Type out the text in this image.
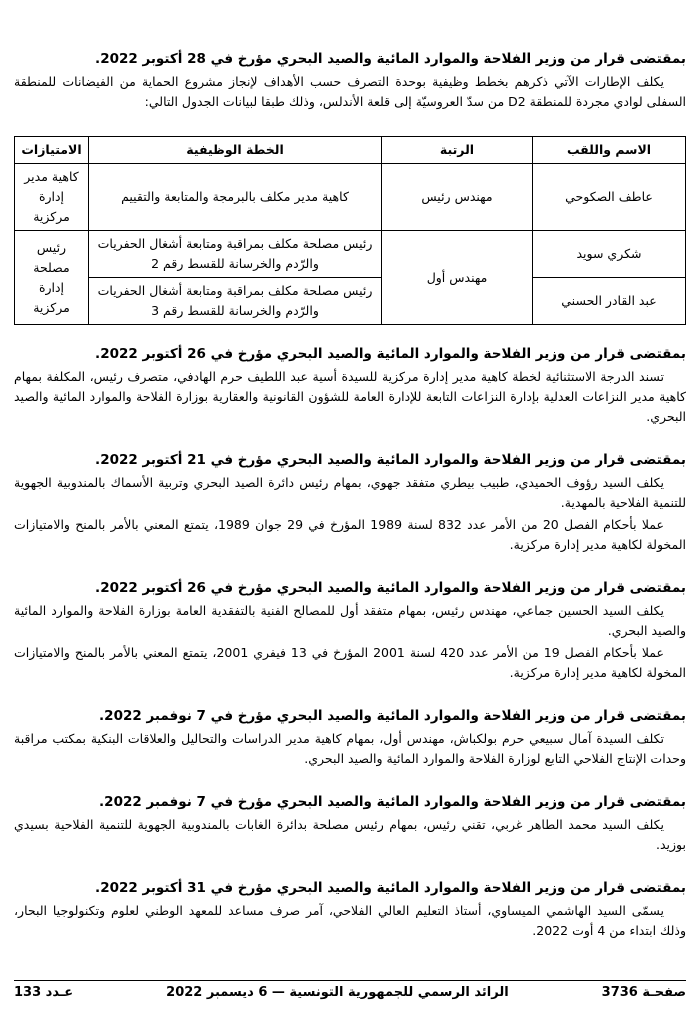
بمقتضى قرار من وزير الفلاحة والموارد المائية والصيد البحري مؤرخ في 28 أكتوبر 2022.
يكلف الإطارات الآتي ذكرهم بخطط وظيفية بوحدة التصرف حسب الأهداف لإنجاز مشروع الحماية من الفيضانات للمنطقة السفلى لوادي مجردة للمنطقة D2 من سدّ العروسيّة إلى قلعة الأندلس، وذلك طبقا لبيانات الجدول التالي:
الاسم واللقب	الرتبة	الخطة الوظيفية	الامتيازات
عاطف الصكوحي	مهندس رئيس	كاهية مدير مكلف بالبرمجة والمتابعة والتقييم	كاهية مدير إدارة مركزية
شكري سويد	مهندس أول	رئيس مصلحة مكلف بمراقبة ومتابعة أشغال الحفريات والرّدم والخرسانة للقسط رقم 2	رئيس مصلحة إدارة مركزية
عبد القادر الحسني		رئيس مصلحة مكلف بمراقبة ومتابعة أشغال الحفريات والرّدم والخرسانة للقسط رقم 3	
بمقتضى قرار من وزير الفلاحة والموارد المائية والصيد البحري مؤرخ في 26 أكتوبر 2022.
تسند الدرجة الاستثنائية لخطة كاهية مدير إدارة مركزية للسيدة أسية عبد اللطيف حرم الهادفي، متصرف رئيس، المكلفة بمهام كاهية مدير النزاعات العدلية بإدارة النزاعات التابعة للإدارة العامة للشؤون القانونية والعقارية بوزارة الفلاحة والموارد المائية والصيد البحري.
بمقتضى قرار من وزير الفلاحة والموارد المائية والصيد البحري مؤرخ في 21 أكتوبر 2022.
يكلف السيد رؤوف الحميدي، طبيب بيطري متفقد جهوي، بمهام رئيس دائرة الصيد البحري وتربية الأسماك بالمندوبية الجهوية للتنمية الفلاحية بالمهدية.
عملا بأحكام الفصل 20 من الأمر عدد 832 لسنة 1989 المؤرخ في 29 جوان 1989، يتمتع المعني بالأمر بالمنح والامتيازات المخولة لكاهية مدير إدارة مركزية.
بمقتضى قرار من وزير الفلاحة والموارد المائية والصيد البحري مؤرخ في 26 أكتوبر 2022.
يكلف السيد الحسين جماعي، مهندس رئيس، بمهام متفقد أول للمصالح الفنية بالتفقدية العامة بوزارة الفلاحة والموارد المائية والصيد البحري.
عملا بأحكام الفصل 19 من الأمر عدد 420 لسنة 2001 المؤرخ في 13 فيفري 2001، يتمتع المعني بالأمر بالمنح والامتيازات المخولة لكاهية مدير إدارة مركزية.
بمقتضى قرار من وزير الفلاحة والموارد المائية والصيد البحري مؤرخ في 7 نوفمبر 2022.
تكلف السيدة آمال سبيعي حرم بولكباش، مهندس أول، بمهام كاهية مدير الدراسات والتحاليل والعلاقات البنكية بمكتب مراقبة وحدات الإنتاج الفلاحي التابع لوزارة الفلاحة والموارد المائية والصيد البحري.
بمقتضى قرار من وزير الفلاحة والموارد المائية والصيد البحري مؤرخ في 7 نوفمبر 2022.
يكلف السيد محمد الطاهر غربي، تقني رئيس، بمهام رئيس مصلحة بدائرة الغابات بالمندوبية الجهوية للتنمية الفلاحية بسيدي بوزيد.
بمقتضى قرار من وزير الفلاحة والموارد المائية والصيد البحري مؤرخ في 31 أكتوبر 2022.
يسمّى السيد الهاشمي الميساوي، أستاذ التعليم العالي الفلاحي، آمر صرف مساعد للمعهد الوطني لعلوم وتكنولوجيا البحار، وذلك ابتداء من 4 أوت 2022.
صفحـة 3736
الرائد الرسمي للجمهورية التونسية — 6 ديسمبر 2022
عـدد 133
